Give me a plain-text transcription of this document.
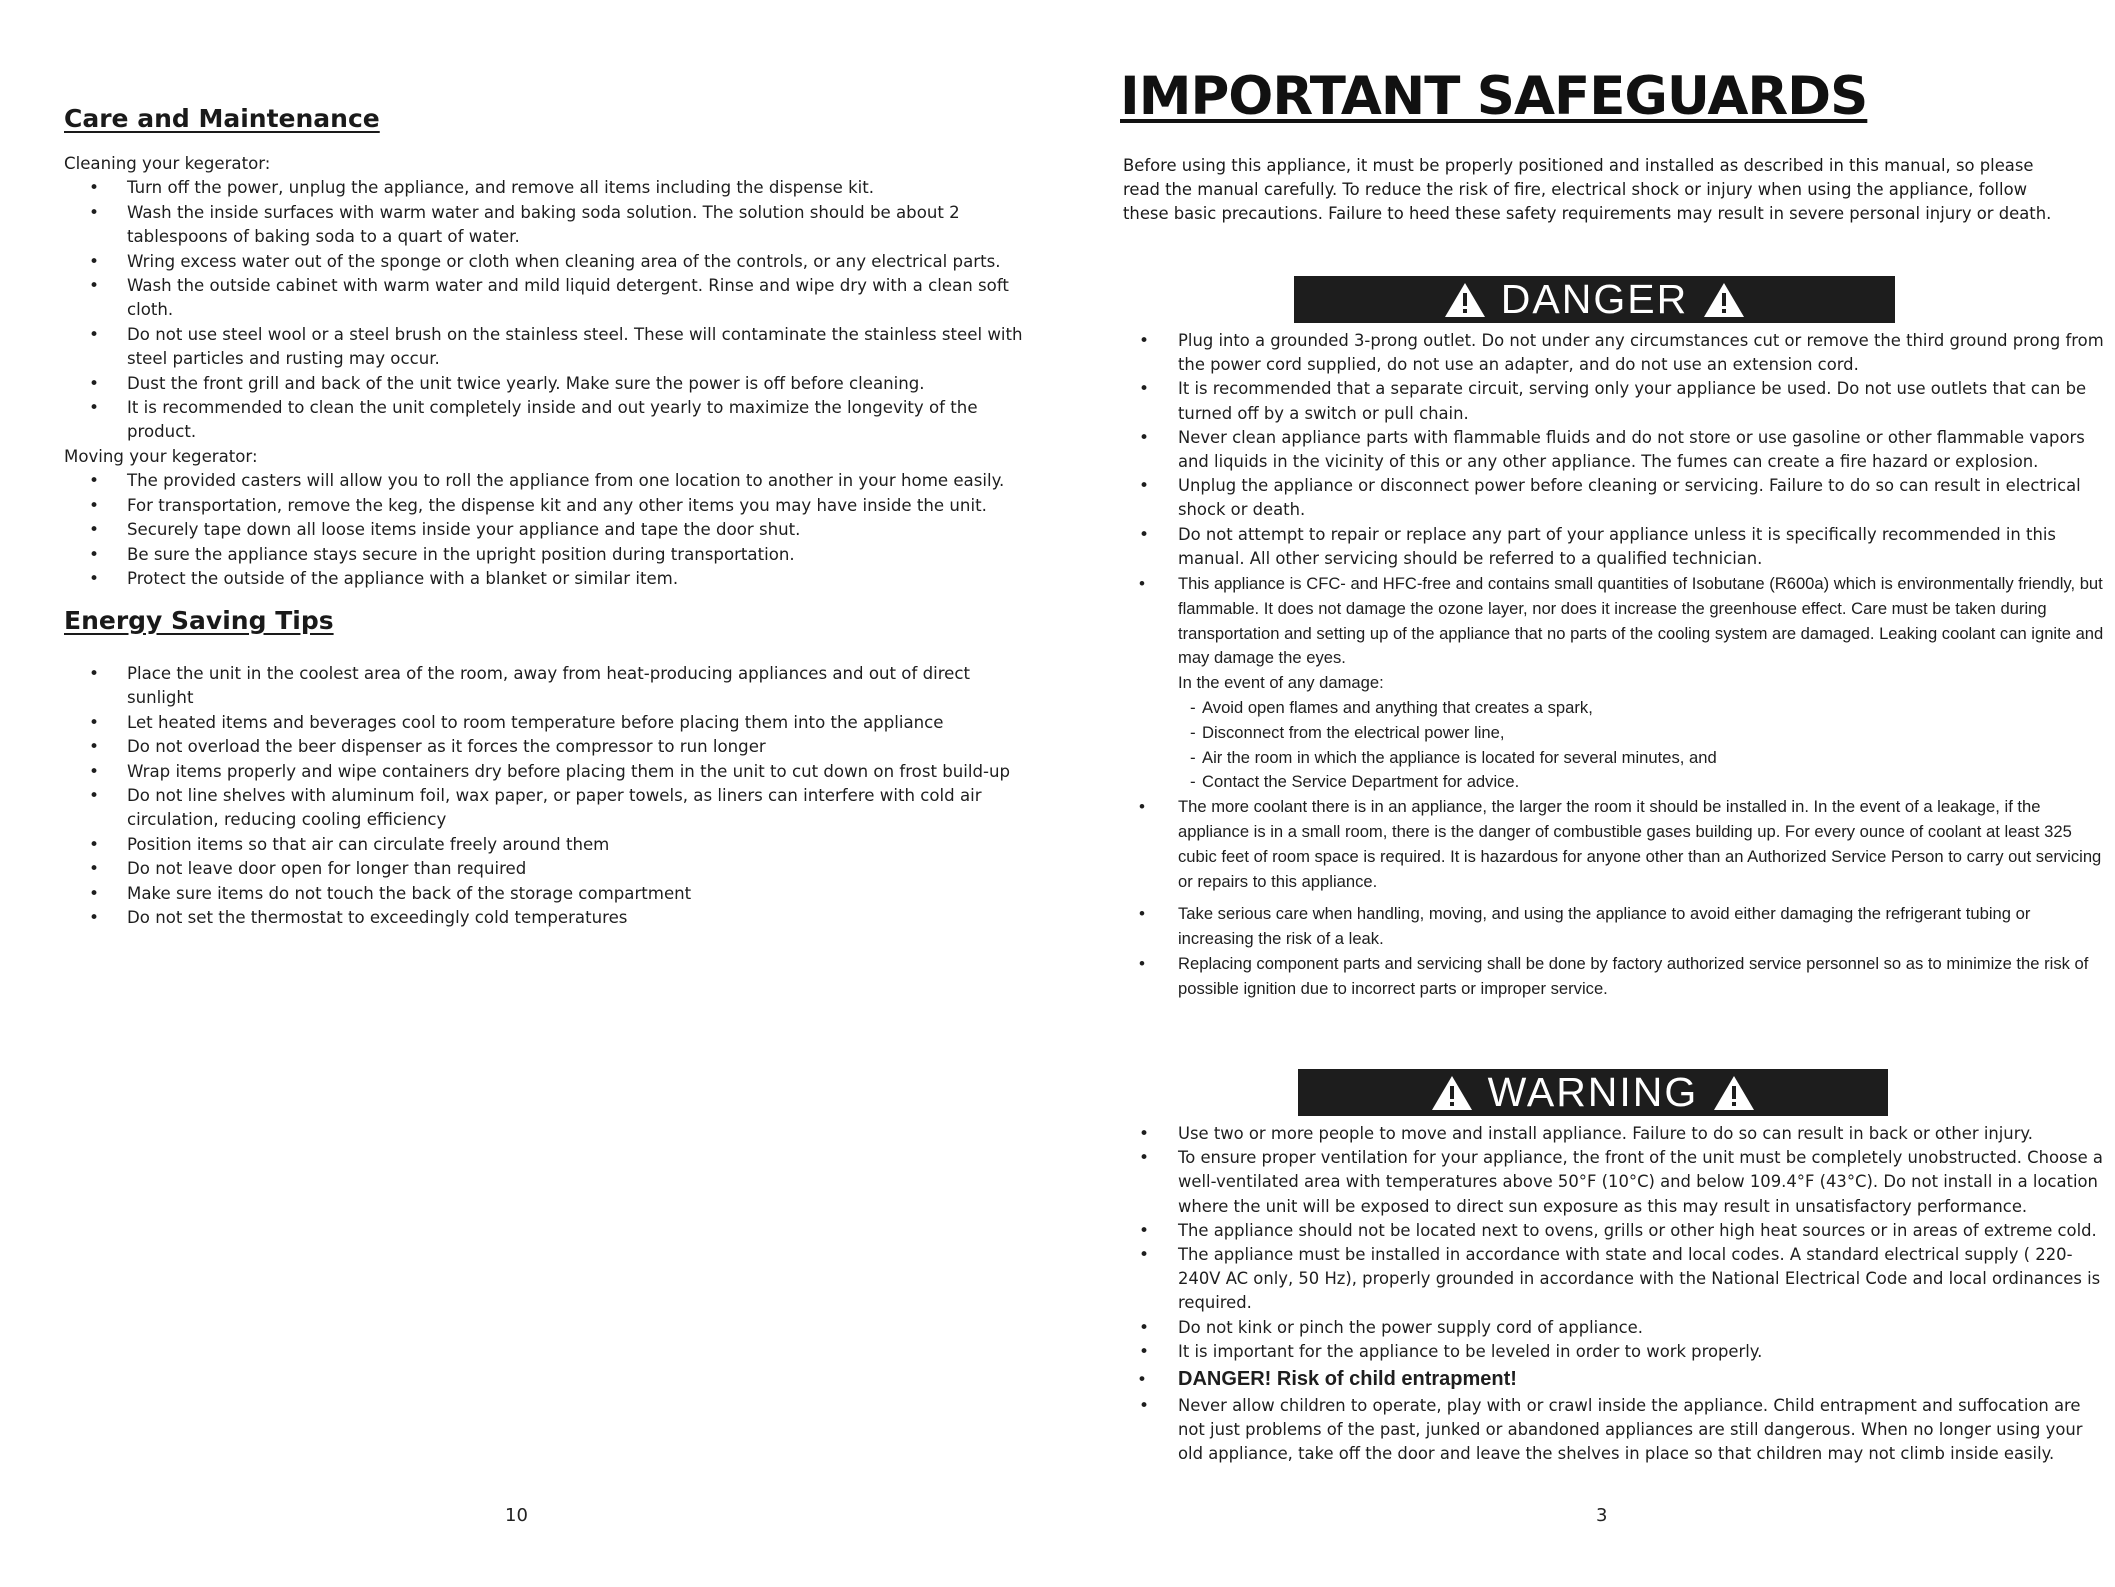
Care and Maintenance

Cleaning your kegerator:

• Turn off the power, unplug the appliance, and remove all items including the dispense kit.
• Wash the inside surfaces with warm water and baking soda solution. The solution should be about 2 tablespoons of baking soda to a quart of water.
• Wring excess water out of the sponge or cloth when cleaning area of the controls, or any electrical parts.
• Wash the outside cabinet with warm water and mild liquid detergent. Rinse and wipe dry with a clean soft cloth.
• Do not use steel wool or a steel brush on the stainless steel. These will contaminate the stainless steel with steel particles and rusting may occur.
• Dust the front grill and back of the unit twice yearly. Make sure the power is off before cleaning.
• It is recommended to clean the unit completely inside and out yearly to maximize the longevity of the product.

Moving your kegerator:

• The provided casters will allow you to roll the appliance from one location to another in your home easily.
• For transportation, remove the keg, the dispense kit and any other items you may have inside the unit.
• Securely tape down all loose items inside your appliance and tape the door shut.
• Be sure the appliance stays secure in the upright position during transportation.
• Protect the outside of the appliance with a blanket or similar item.
Energy Saving Tips
• Place the unit in the coolest area of the room, away from heat-producing appliances and out of direct sunlight
• Let heated items and beverages cool to room temperature before placing them into the appliance
• Do not overload the beer dispenser as it forces the compressor to run longer
• Wrap items properly and wipe containers dry before placing them in the unit to cut down on frost build-up
• Do not line shelves with aluminum foil, wax paper, or paper towels, as liners can interfere with cold air circulation, reducing cooling efficiency
• Position items so that air can circulate freely around them
• Do not leave door open for longer than required
• Make sure items do not touch the back of the storage compartment
• Do not set the thermostat to exceedingly cold temperatures
10
IMPORTANT SAFEGUARDS
Before using this appliance, it must be properly positioned and installed as described in this manual, so please read the manual carefully. To reduce the risk of fire, electrical shock or injury when using the appliance, follow these basic precautions. Failure to heed these safety requirements may result in severe personal injury or death.
DANGER
• Plug into a grounded 3-prong outlet. Do not under any circumstances cut or remove the third ground prong from the power cord supplied, do not use an adapter, and do not use an extension cord.
• It is recommended that a separate circuit, serving only your appliance be used. Do not use outlets that can be turned off by a switch or pull chain.
• Never clean appliance parts with flammable fluids and do not store or use gasoline or other flammable vapors and liquids in the vicinity of this or any other appliance. The fumes can create a fire hazard or explosion.
• Unplug the appliance or disconnect power before cleaning or servicing. Failure to do so can result in electrical shock or death.
• Do not attempt to repair or replace any part of your appliance unless it is specifically recommended in this manual. All other servicing should be referred to a qualified technician.
• This appliance is CFC- and HFC-free and contains small quantities of Isobutane (R600a) which is environmentally friendly, but flammable. It does not damage the ozone layer, nor does it increase the greenhouse effect. Care must be taken during transportation and setting up of the appliance that no parts of the cooling system are damaged. Leaking coolant can ignite and may damage the eyes.
In the event of any damage:
- Avoid open flames and anything that creates a spark,
- Disconnect from the electrical power line,
- Air the room in which the appliance is located for several minutes, and
- Contact the Service Department for advice.
• The more coolant there is in an appliance, the larger the room it should be installed in. In the event of a leakage, if the appliance is in a small room, there is the danger of combustible gases building up. For every ounce of coolant at least 325 cubic feet of room space is required. It is hazardous for anyone other than an Authorized Service Person to carry out servicing or repairs to this appliance.
• Take serious care when handling, moving, and using the appliance to avoid either damaging the refrigerant tubing or increasing the risk of a leak.
• Replacing component parts and servicing shall be done by factory authorized service personnel so as to minimize the risk of possible ignition due to incorrect parts or improper service.
WARNING
• Use two or more people to move and install appliance. Failure to do so can result in back or other injury.
• To ensure proper ventilation for your appliance, the front of the unit must be completely unobstructed. Choose a well-ventilated area with temperatures above 50°F (10°C) and below 109.4°F (43°C). Do not install in a location where the unit will be exposed to direct sun exposure as this may result in unsatisfactory performance.
• The appliance should not be located next to ovens, grills or other high heat sources or in areas of extreme cold.
• The appliance must be installed in accordance with state and local codes. A standard electrical supply ( 220-240V AC only, 50 Hz), properly grounded in accordance with the National Electrical Code and local ordinances is required.
• Do not kink or pinch the power supply cord of appliance.
• It is important for the appliance to be leveled in order to work properly.
• DANGER! Risk of child entrapment!
• Never allow children to operate, play with or crawl inside the appliance. Child entrapment and suffocation are not just problems of the past, junked or abandoned appliances are still dangerous. When no longer using your old appliance, take off the door and leave the shelves in place so that children may not climb inside easily.
3
